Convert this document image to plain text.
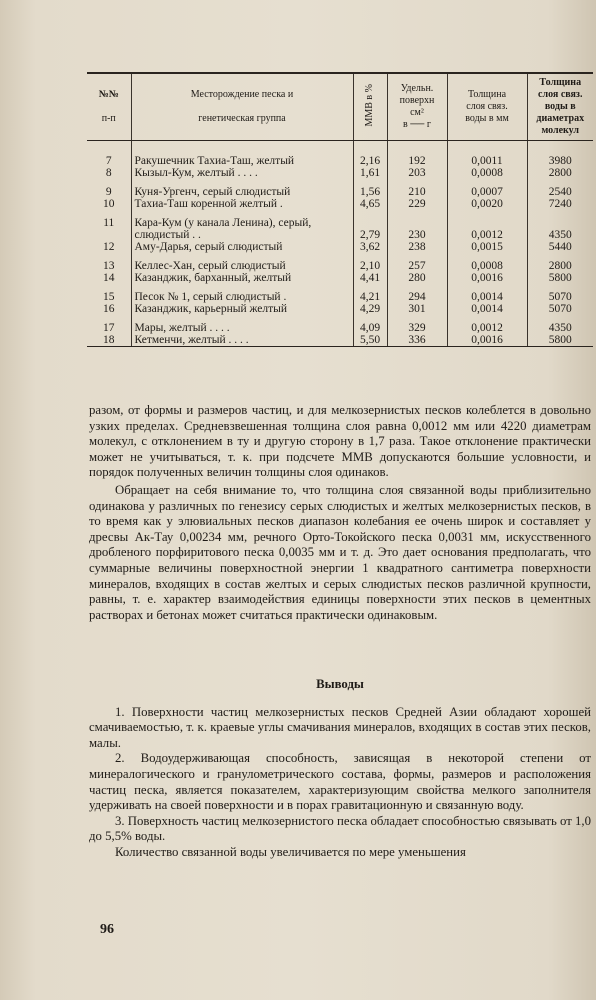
№№

п-п	Месторождение песка и

генетическая группа	ММВ в %	Удельн.
поверхн
см²
в ── г	Толщина
слоя связ.
воды в мм	Толщина
слоя связ.
воды в
диаметрах
молекул

7	Ракушечник Тахиа-Таш, желтый	2,16	192	0,0011	3980
8	Кызыл-Кум, желтый . . . .	1,61	203	0,0008	2800

9	Куня-Ургенч, серый слюдистый	1,56	210	0,0007	2540
10	Тахиа-Таш коренной желтый .	4,65	229	0,0020	7240

11	Кара-Кум (у канала Ленина), серый,				
	слюдистый . .	2,79	230	0,0012	4350
12	Аму-Дарья, серый слюдистый	3,62	238	0,0015	5440

13	Келлес-Хан, серый слюдистый	2,10	257	0,0008	2800
14	Казанджик, барханный, желтый	4,41	280	0,0016	5800

15	Песок № 1, серый слюдистый .	4,21	294	0,0014	5070
16	Казанджик, карьерный желтый	4,29	301	0,0014	5070

17	Мары, желтый . . . .	4,09	329	0,0012	4350
18	Кетменчи, желтый . . . .	5,50	336	0,0016	5800

разом, от формы и размеров частиц, и для мелкозернистых песков колеблется в довольно узких пределах. Средневзвешенная толщина слоя равна 0,0012 мм или 4220 диаметрам молекул, с отклонением в ту и другую сторону в 1,7 раза. Такое отклонение практически может не учитываться, т. к. при подсчете ММВ допускаются большие условности, и порядок полученных величин толщины слоя одинаков.

Обращает на себя внимание то, что толщина слоя связанной воды приблизительно одинакова у различных по генезису серых слюдистых и желтых мелкозернистых песков, в то время как у элювиальных песков диапазон колебания ее очень широк и составляет у дресвы Ак-Тау 0,00234 мм, речного Орто-Токойского песка 0,0031 мм, искусственного дробленого порфиритового песка 0,0035 мм и т. д. Это дает основания предполагать, что суммарные величины поверхностной энергии 1 квадратного сантиметра поверхности минералов, входящих в состав желтых и серых слюдистых песков различной крупности, равны, т. е. характер взаимодействия единицы поверхности этих песков в цементных растворах и бетонах может считаться практически одинаковым.

Выводы

1. Поверхности частиц мелкозернистых песков Средней Азии обладают хорошей смачиваемостью, т. к. краевые углы смачивания минералов, входящих в состав этих песков, малы.

2. Водоудерживающая способность, зависящая в некоторой степени от минералогического и гранулометрического состава, формы, размеров и расположения частиц песка, является показателем, характеризующим свойства мелкого заполнителя удерживать на своей поверхности и в порах гравитационную и связанную воду.

3. Поверхность частиц мелкозернистого песка обладает способностью связывать от 1,0 до 5,5% воды.

Количество связанной воды увеличивается по мере уменьшения

96
